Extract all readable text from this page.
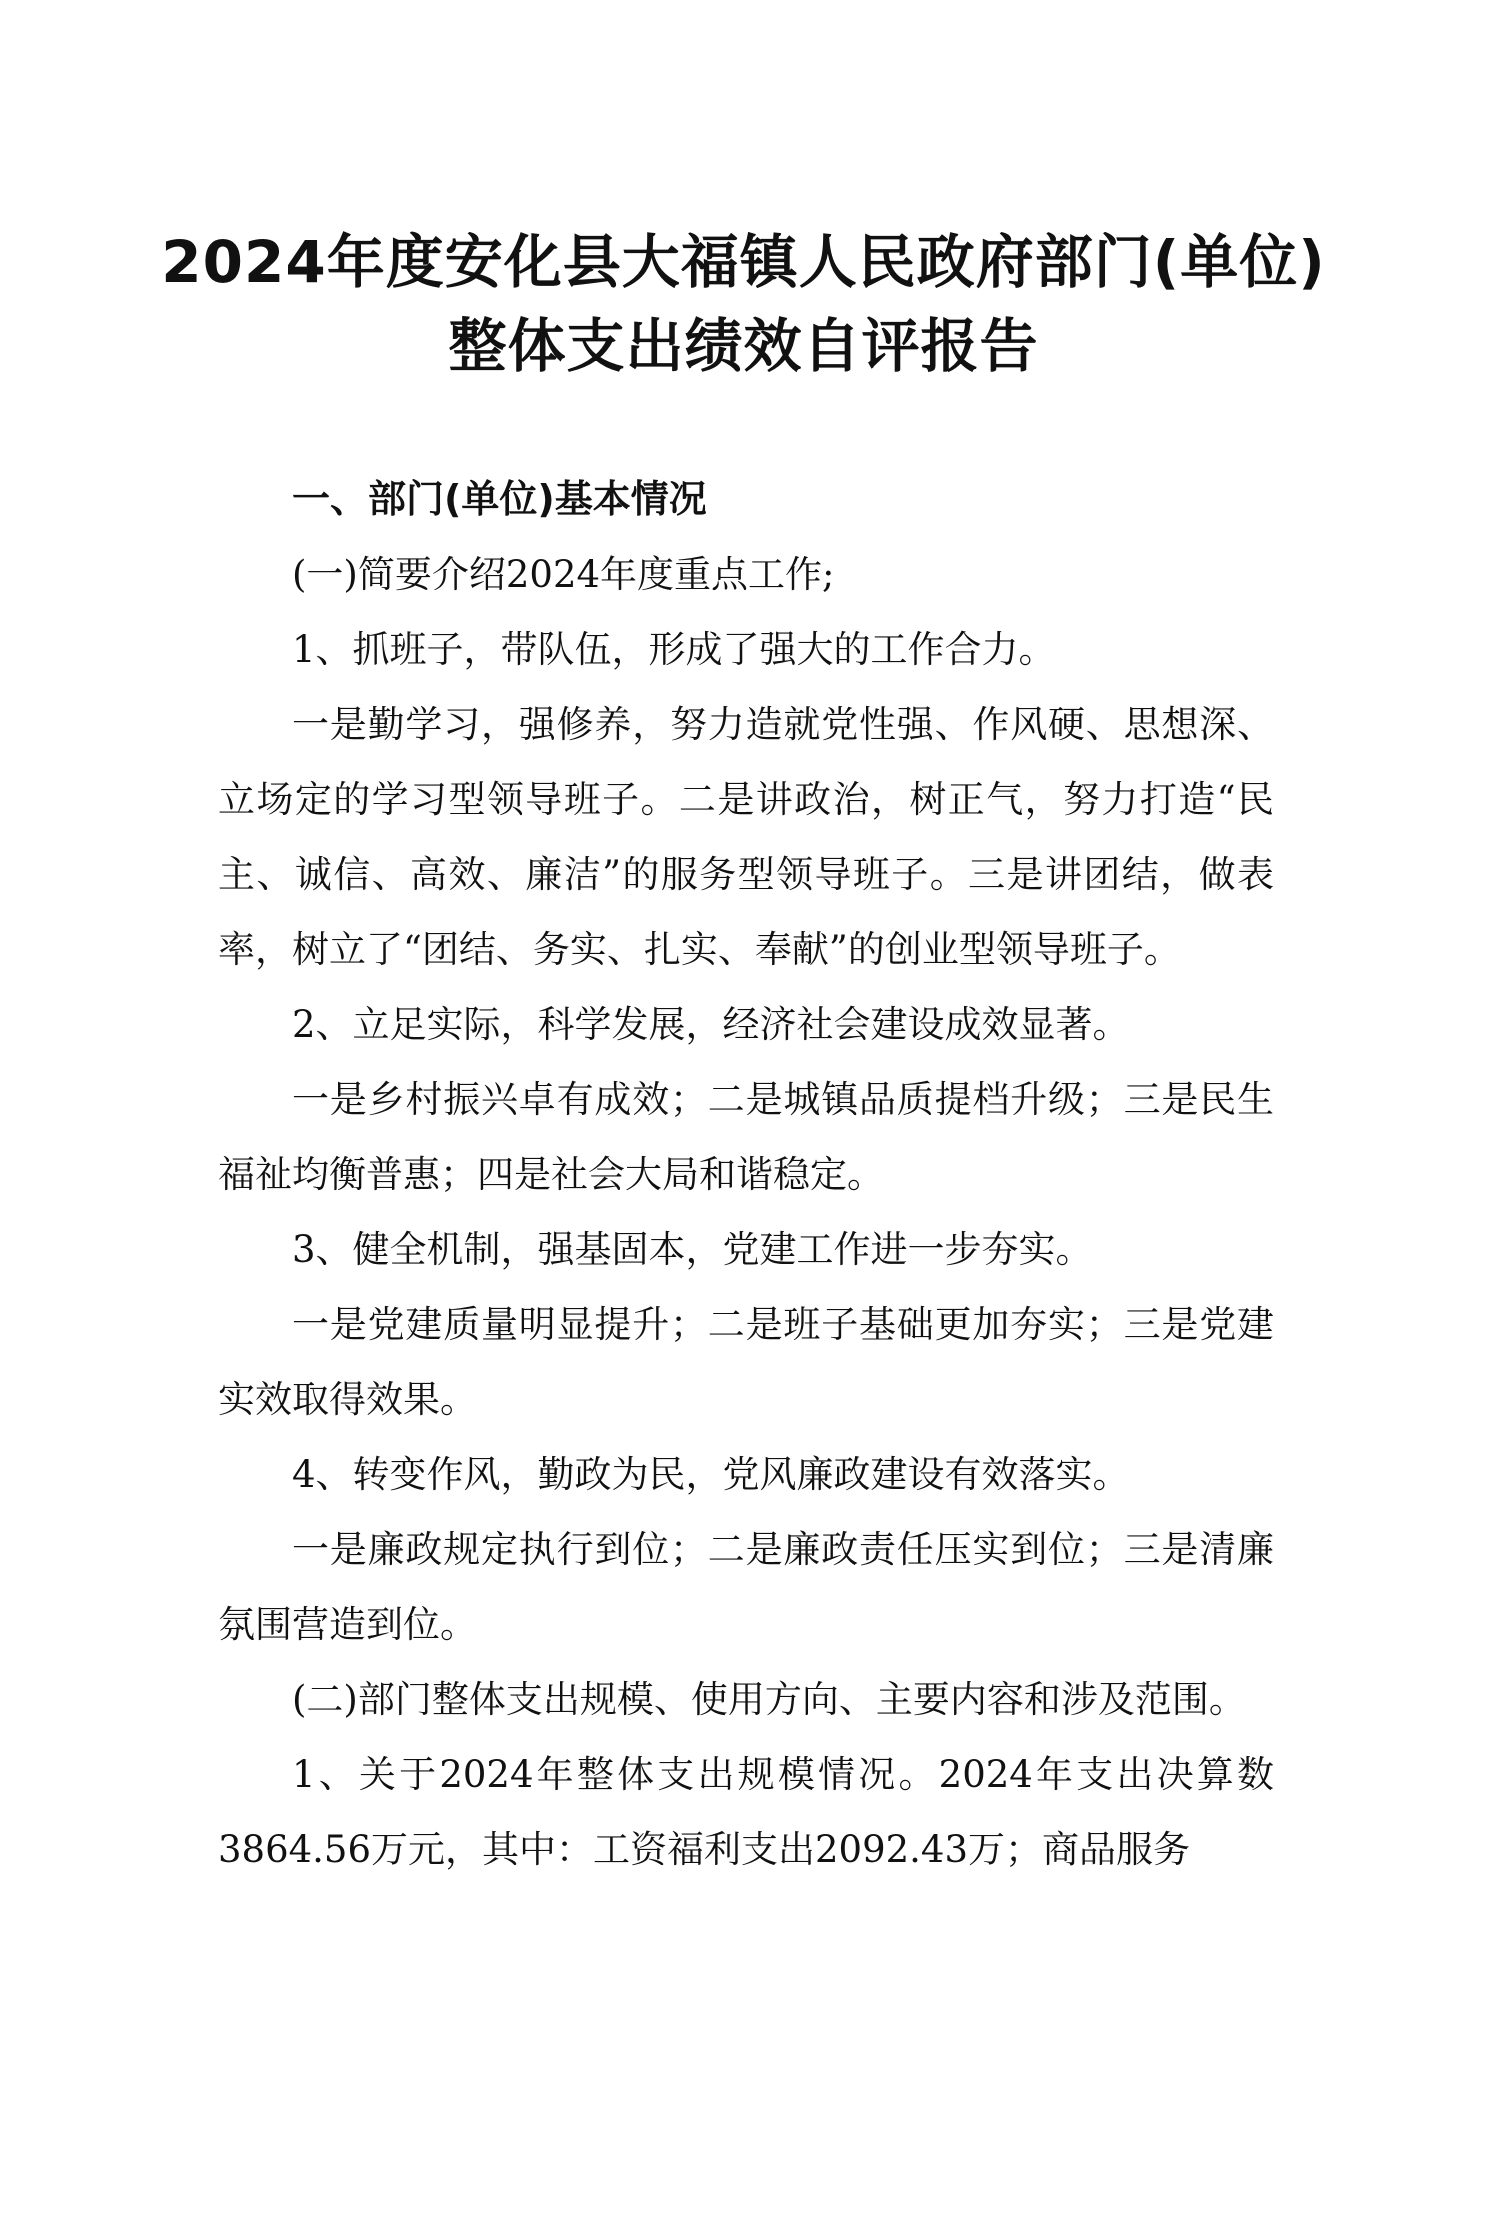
2024年度安化县大福镇人民政府部门(单位)
整体支出绩效自评报告

一、部门(单位)基本情况

(一)简要介绍2024年度重点工作;

1、抓班子，带队伍，形成了强大的工作合力。

一是勤学习，强修养，努力造就党性强、作风硬、思想深、立场定的学习型领导班子。二是讲政治，树正气，努力打造“民主、诚信、高效、廉洁”的服务型领导班子。三是讲团结，做表率，树立了“团结、务实、扎实、奉献”的创业型领导班子。

2、立足实际，科学发展，经济社会建设成效显著。

一是乡村振兴卓有成效；二是城镇品质提档升级；三是民生福祉均衡普惠；四是社会大局和谐稳定。

3、健全机制，强基固本，党建工作进一步夯实。

一是党建质量明显提升；二是班子基础更加夯实；三是党建实效取得效果。

4、转变作风，勤政为民，党风廉政建设有效落实。

一是廉政规定执行到位；二是廉政责任压实到位；三是清廉氛围营造到位。

(二)部门整体支出规模、使用方向、主要内容和涉及范围。

1、关于2024年整体支出规模情况。2024年支出决算数3864.56万元，其中：工资福利支出2092.43万；商品服务
